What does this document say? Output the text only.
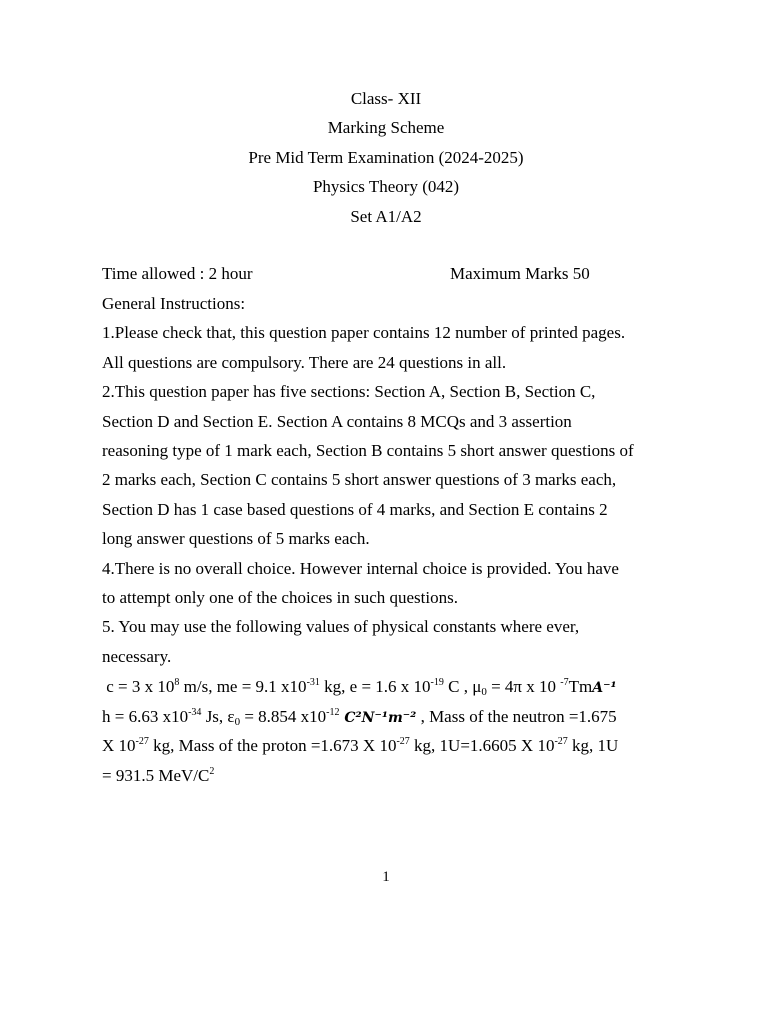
Class- XII
Marking Scheme
Pre Mid Term Examination (2024-2025)
Physics Theory (042)
Set A1/A2
Time allowed : 2 hour	Maximum Marks 50
General Instructions:
1.Please check that, this question paper contains 12 number of printed pages.
All questions are compulsory. There are 24 questions in all.
2.This question paper has five sections: Section A, Section B, Section C,
Section D and Section E. Section A contains 8 MCQs and 3 assertion
reasoning type of 1 mark each, Section B contains 5 short answer questions of
2 marks each, Section C contains 5 short answer questions of 3 marks each,
Section D has 1 case based questions of 4 marks, and Section E contains 2
long answer questions of 5 marks each.
4.There is no overall choice. However internal choice is provided. You have
to attempt only one of the choices in such questions.
5. You may use the following values of physical constants where ever,
necessary.
c = 3 x $10^8$ m/s, me = 9.1 $x10^{-31}$ kg, e = 1.6 x $10^{-19}$ C , $\mu_0 = 4\pi$ x 10 $^{-7}$Tm𝑨⁻¹
h = 6.63 $x10^{-34}$ Js, $\varepsilon_0 = 8.854$ $x10^{-12}$ 𝑪²𝑵⁻¹𝒎⁻² , Mass of the neutron =1.675
X $10^{-27}$ kg, Mass of the proton =1.673 X $10^{-27}$ kg, 1U=1.6605 X $10^{-27}$ kg, 1U
= 931.5 MeV/$C^2$
1
